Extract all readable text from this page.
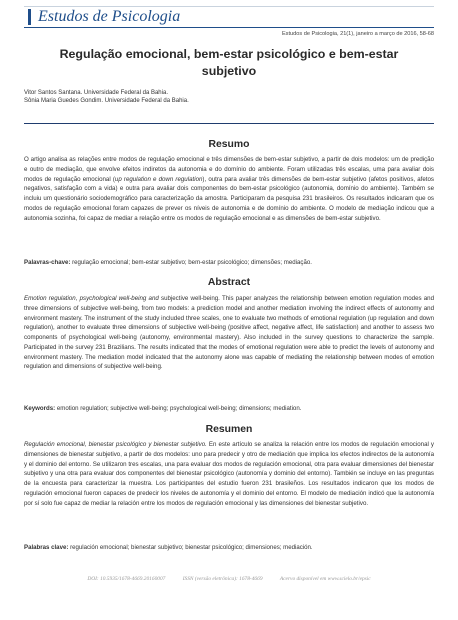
Estudos de Psicologia
Estudos de Psicologia, 21(1), janeiro a março de 2016, 58-68
Regulação emocional, bem-estar psicológico e bem-estar subjetivo
Vitor Santos Santana. Universidade Federal da Bahia.
Sônia Maria Guedes Gondim. Universidade Federal da Bahia.
Resumo
O artigo analisa as relações entre modos de regulação emocional e três dimensões de bem-estar subjetivo, a partir de dois modelos: um de predição e outro de mediação, que envolve efeitos indiretos da autonomia e do domínio do ambiente. Foram utilizadas três escalas, uma para avaliar dois modos de regulação emocional (up regulation e down regulation), outra para avaliar três dimensões de bem-estar subjetivo (afetos positivos, afetos negativos, satisfação com a vida) e outra para avaliar dois componentes do bem-estar psicológico (autonomia, domínio do ambiente). Também se incluiu um questionário sociodemográfico para caracterização da amostra. Participaram da pesquisa 231 brasileiros. Os resultados indicaram que os modos de regulação emocional foram capazes de prever os níveis de autonomia e de domínio do ambiente. O modelo de mediação indicou que a autonomia sozinha, foi capaz de mediar a relação entre os modos de regulação emocional e as dimensões de bem-estar subjetivo.
Palavras-chave: regulação emocional; bem-estar subjetivo; bem-estar psicológico; dimensões; mediação.
Abstract
Emotion regulation, psychological well-being and subjective well-being. This paper analyzes the relationship between emotion regulation modes and three dimensions of subjective well-being, from two models: a prediction model and another mediation involving the indirect effects of autonomy and environment mastery. The instrument of the study included three scales, one to evaluate two methods of emotional regulation (up regulation and down regulation), another to evaluate three dimensions of subjective well-being (positive affect, negative affect, life satisfaction) and another to assess two components of psychological well-being (autonomy, environmental mastery). Also included in the survey questions to characterize the sample. Participated in the survey 231 Brazilians. The results indicated that the modes of emotional regulation were able to predict the levels of autonomy and environment mastery. The mediation model indicated that the autonomy alone was capable of mediating the relationship between modes of emotion regulation and dimensions of subjective well-being.
Keywords: emotion regulation; subjective well-being; psychological well-being; dimensions; mediation.
Resumen
Regulación emocional, bienestar psicológico y bienestar subjetivo. En este artículo se analiza la relación entre los modos de regulación emocional y dimensiones de bienestar subjetivo, a partir de dos modelos: uno para predecir y otro de mediación que implica los efectos indirectos de la autonomía y el dominio del entorno. Se utilizaron tres escalas, una para evaluar dos modos de regulación emocional, otra para evaluar dimensiones del bienestar subjetivo y una otra para evaluar dos componentes del bienestar psicológico (autonomía y dominio del entorno). También se incluye en las preguntas de la encuesta para caracterizar la muestra. Los participantes del estudio fueron 231 brasileños. Los resultados indicaron que los modos de regulación emocional fueron capaces de predecir los niveles de autonomía y el dominio del entorno. El modelo de mediación indicó que la autonomía por sí solo fue capaz de mediar la relación entre los modos de regulación emocional y las dimensiones del bienestar subjetivo.
Palabras clave: regulación emocional; bienestar subjetivo; bienestar psicológico; dimensiones; mediación.
DOI: 10.5935/1678-4669.20160007	ISSN (versão eletrônica): 1678-4669	Acervo disponível em www.scielo.br/epsic
